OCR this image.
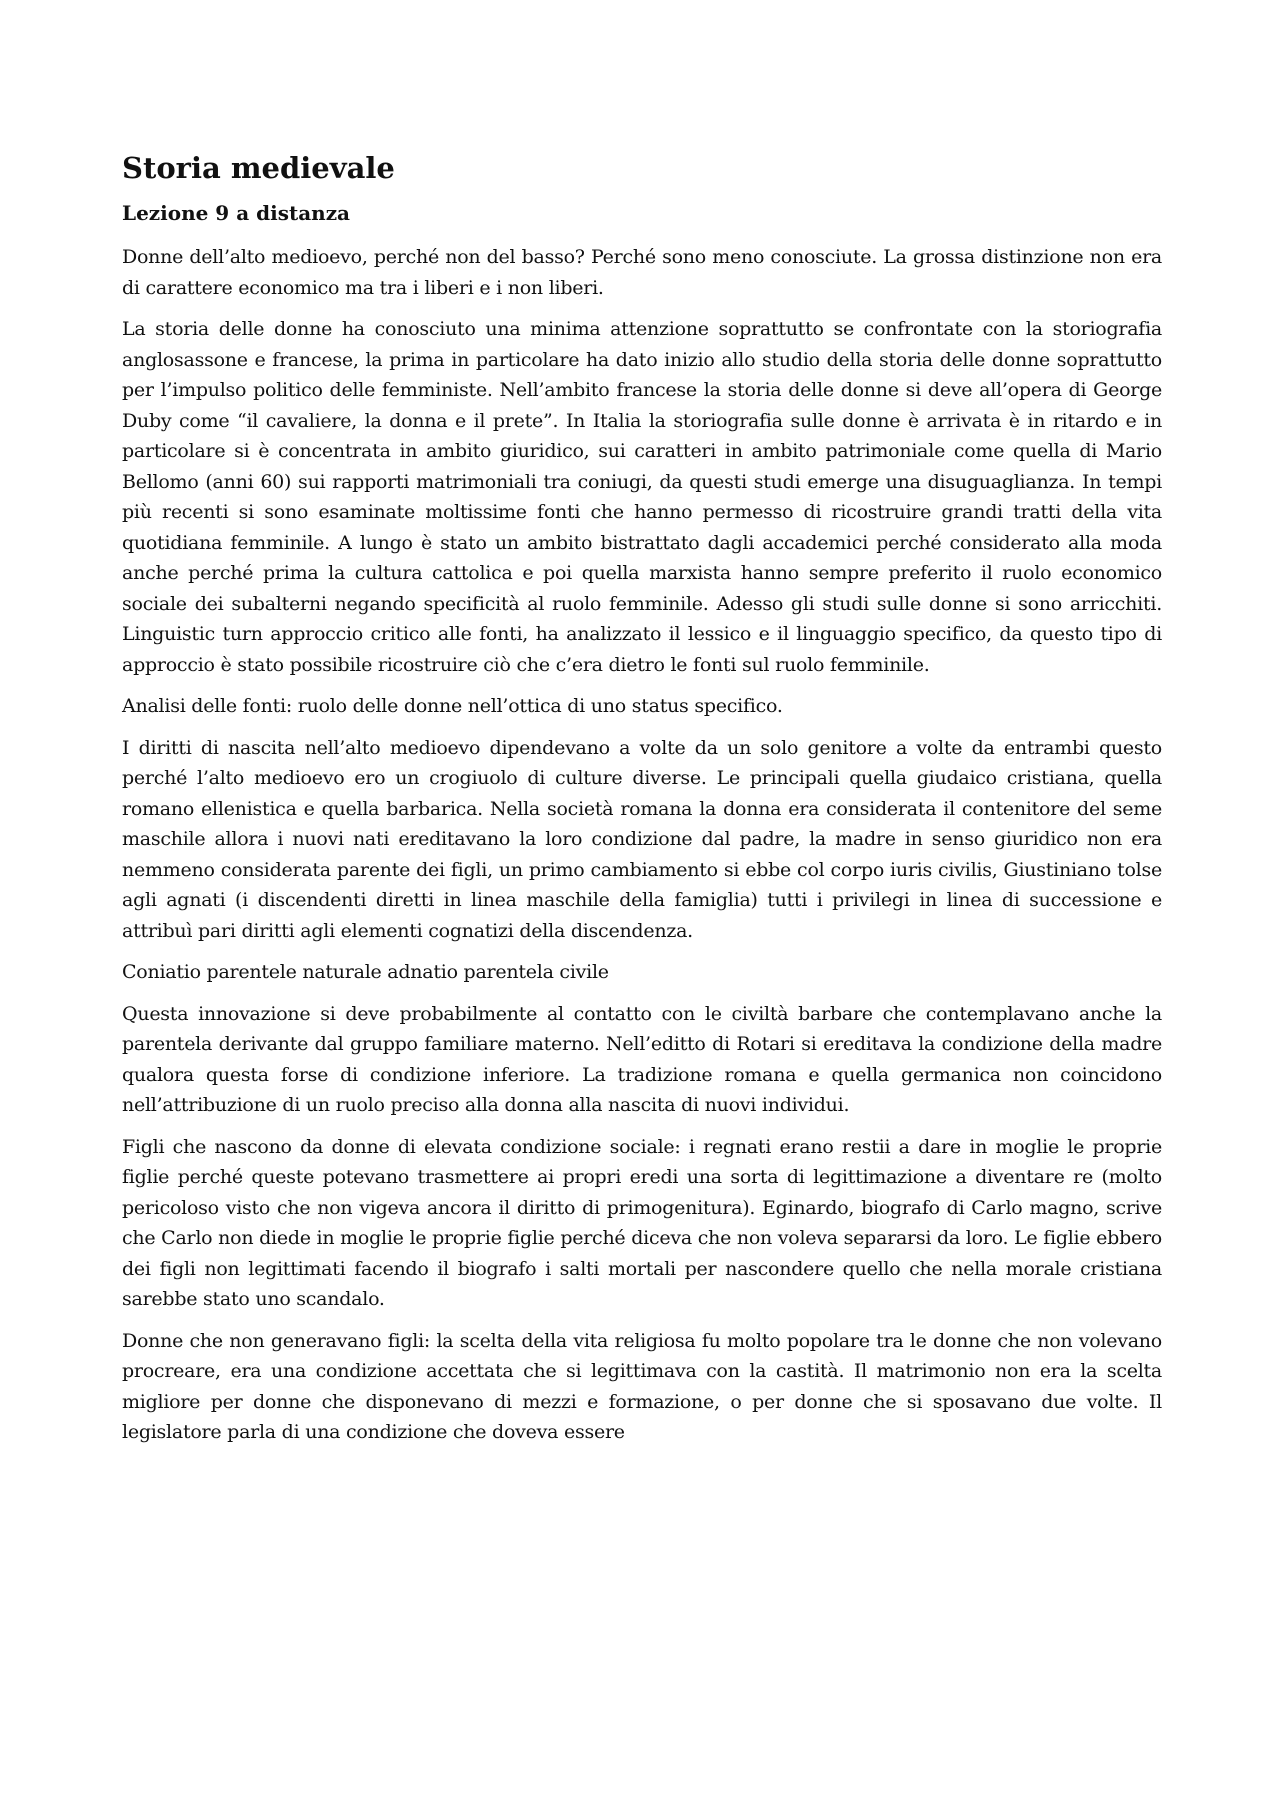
Storia medievale
Lezione 9 a distanza

Donne dell’alto medioevo, perché non del basso? Perché sono meno conosciute. La grossa distinzione non era di carattere economico ma tra i liberi e i non liberi.

La storia delle donne ha conosciuto una minima attenzione soprattutto se confrontate con la storiografia anglosassone e francese, la prima in particolare ha dato inizio allo studio della storia delle donne soprattutto per l’impulso politico delle femministe. Nell’ambito francese la storia delle donne si deve all’opera di George Duby come “il cavaliere, la donna e il prete”. In Italia la storiografia sulle donne è arrivata è in ritardo e in particolare si è concentrata in ambito giuridico, sui caratteri in ambito patrimoniale come quella di Mario Bellomo (anni 60) sui rapporti matrimoniali tra coniugi, da questi studi emerge una disuguaglianza. In tempi più recenti si sono esaminate moltissime fonti che hanno permesso di ricostruire grandi tratti della vita quotidiana femminile. A lungo è stato un ambito bistrattato dagli accademici perché considerato alla moda anche perché prima la cultura cattolica e poi quella marxista hanno sempre preferito il ruolo economico sociale dei subalterni negando specificità al ruolo femminile. Adesso gli studi sulle donne si sono arricchiti. Linguistic turn approccio critico alle fonti, ha analizzato il lessico e il linguaggio specifico, da questo tipo di approccio è stato possibile ricostruire ciò che c’era dietro le fonti sul ruolo femminile.

Analisi delle fonti: ruolo delle donne nell’ottica di uno status specifico.

I diritti di nascita nell’alto medioevo dipendevano a volte da un solo genitore a volte da entrambi questo perché l’alto medioevo ero un crogiuolo di culture diverse. Le principali quella giudaico cristiana, quella romano ellenistica e quella barbarica. Nella società romana la donna era considerata il contenitore del seme maschile allora i nuovi nati ereditavano la loro condizione dal padre, la madre in senso giuridico non era nemmeno considerata parente dei figli, un primo cambiamento si ebbe col corpo iuris civilis, Giustiniano tolse agli agnati (i discendenti diretti in linea maschile della famiglia) tutti i privilegi in linea di successione e attribuì pari diritti agli elementi cognatizi della discendenza.

Coniatio parentele naturale adnatio parentela civile

Questa innovazione si deve probabilmente al contatto con le civiltà barbare che contemplavano anche la parentela derivante dal gruppo familiare materno. Nell’editto di Rotari si ereditava la condizione della madre qualora questa forse di condizione inferiore. La tradizione romana e quella germanica non coincidono nell’attribuzione di un ruolo preciso alla donna alla nascita di nuovi individui.

Figli che nascono da donne di elevata condizione sociale: i regnati erano restii a dare in moglie le proprie figlie perché queste potevano trasmettere ai propri eredi una sorta di legittimazione a diventare re (molto pericoloso visto che non vigeva ancora il diritto di primogenitura). Eginardo, biografo di Carlo magno, scrive che Carlo non diede in moglie le proprie figlie perché diceva che non voleva separarsi da loro. Le figlie ebbero dei figli non legittimati facendo il biografo i salti mortali per nascondere quello che nella morale cristiana sarebbe stato uno scandalo.

Donne che non generavano figli: la scelta della vita religiosa fu molto popolare tra le donne che non volevano procreare, era una condizione accettata che si legittimava con la castità. Il matrimonio non era la scelta migliore per donne che disponevano di mezzi e formazione, o per donne che si sposavano due volte. Il legislatore parla di una condizione che doveva essere
